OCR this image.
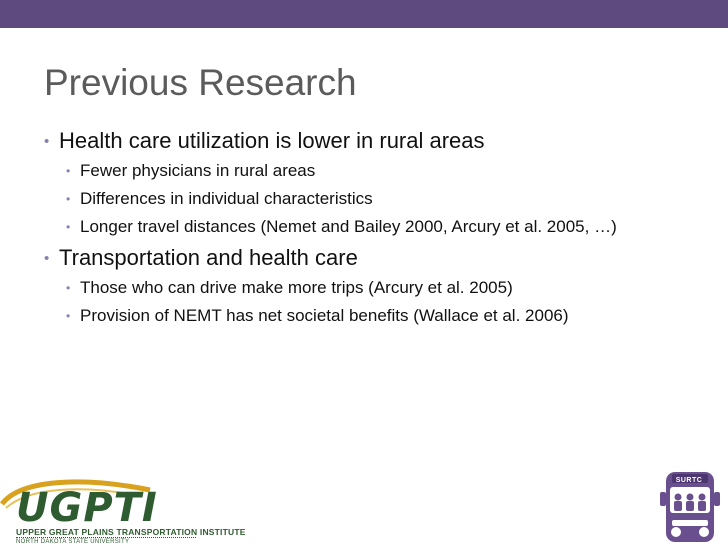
Previous Research
• Health care utilization is lower in rural areas
• Fewer physicians in rural areas
• Differences in individual characteristics
• Longer travel distances (Nemet and Bailey 2000, Arcury et al. 2005, …)
• Transportation and health care
• Those who can drive make more trips (Arcury et al. 2005)
• Provision of NEMT has net societal benefits (Wallace et al. 2006)
UGPTI
UPPER GREAT PLAINS TRANSPORTATION INSTITUTE
NORTH DAKOTA STATE UNIVERSITY
SURTC
